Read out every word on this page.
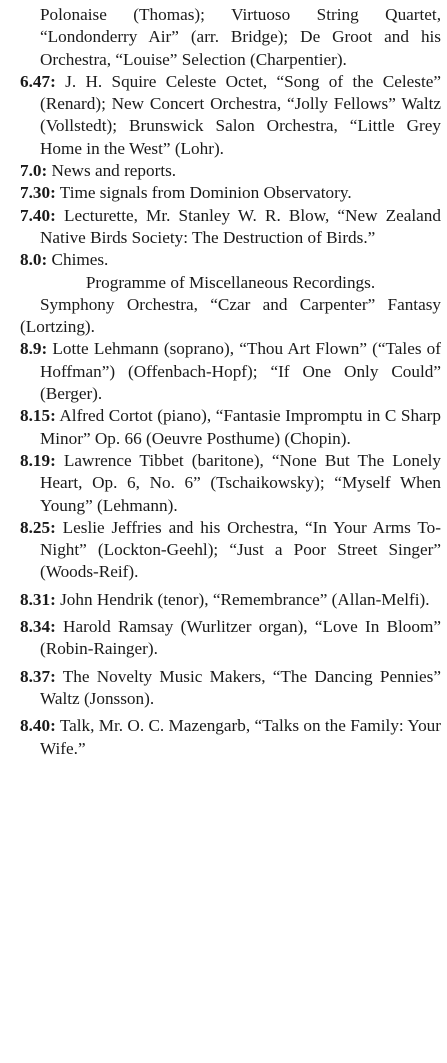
Polonaise (Thomas); Virtuoso String Quartet, “Londonderry Air” (arr. Bridge); De Groot and his Orchestra, “Louise” Selection (Charpentier).

6.47: J. H. Squire Celeste Octet, “Song of the Celeste” (Renard); New Concert Orchestra, “Jolly Fellows” Waltz (Vollstedt); Brunswick Salon Orchestra, “Little Grey Home in the West” (Lohr).

7.0: News and reports.

7.30: Time signals from Dominion Observatory.

7.40: Lecturette, Mr. Stanley W. R. Blow, “New Zealand Native Birds Society: The Destruction of Birds.”

8.0: Chimes.

Programme of Miscellaneous Recordings.

Symphony Orchestra, “Czar and Carpenter” Fantasy (Lortzing).

8.9: Lotte Lehmann (soprano), “Thou Art Flown” (“Tales of Hoffman”) (Offenbach-Hopf); “If One Only Could” (Berger).

8.15: Alfred Cortot (piano), “Fantasie Impromptu in C Sharp Minor” Op. 66 (Oeuvre Posthume) (Chopin).

8.19: Lawrence Tibbet (baritone), “None But The Lonely Heart, Op. 6, No. 6” (Tschaikowsky); “Myself When Young” (Lehmann).

8.25: Leslie Jeffries and his Orchestra, “In Your Arms To-Night” (Lockton-Geehl); “Just a Poor Street Singer” (Woods-Reif).

8.31: John Hendrik (tenor), “Remembrance” (Allan-Melfi).

8.34: Harold Ramsay (Wurlitzer organ), “Love In Bloom” (Robin-Rainger).

8.37: The Novelty Music Makers, “The Dancing Pennies” Waltz (Jonsson).

8.40: Talk, Mr. O. C. Mazengarb, “Talks on the Family: Your Wife.”
